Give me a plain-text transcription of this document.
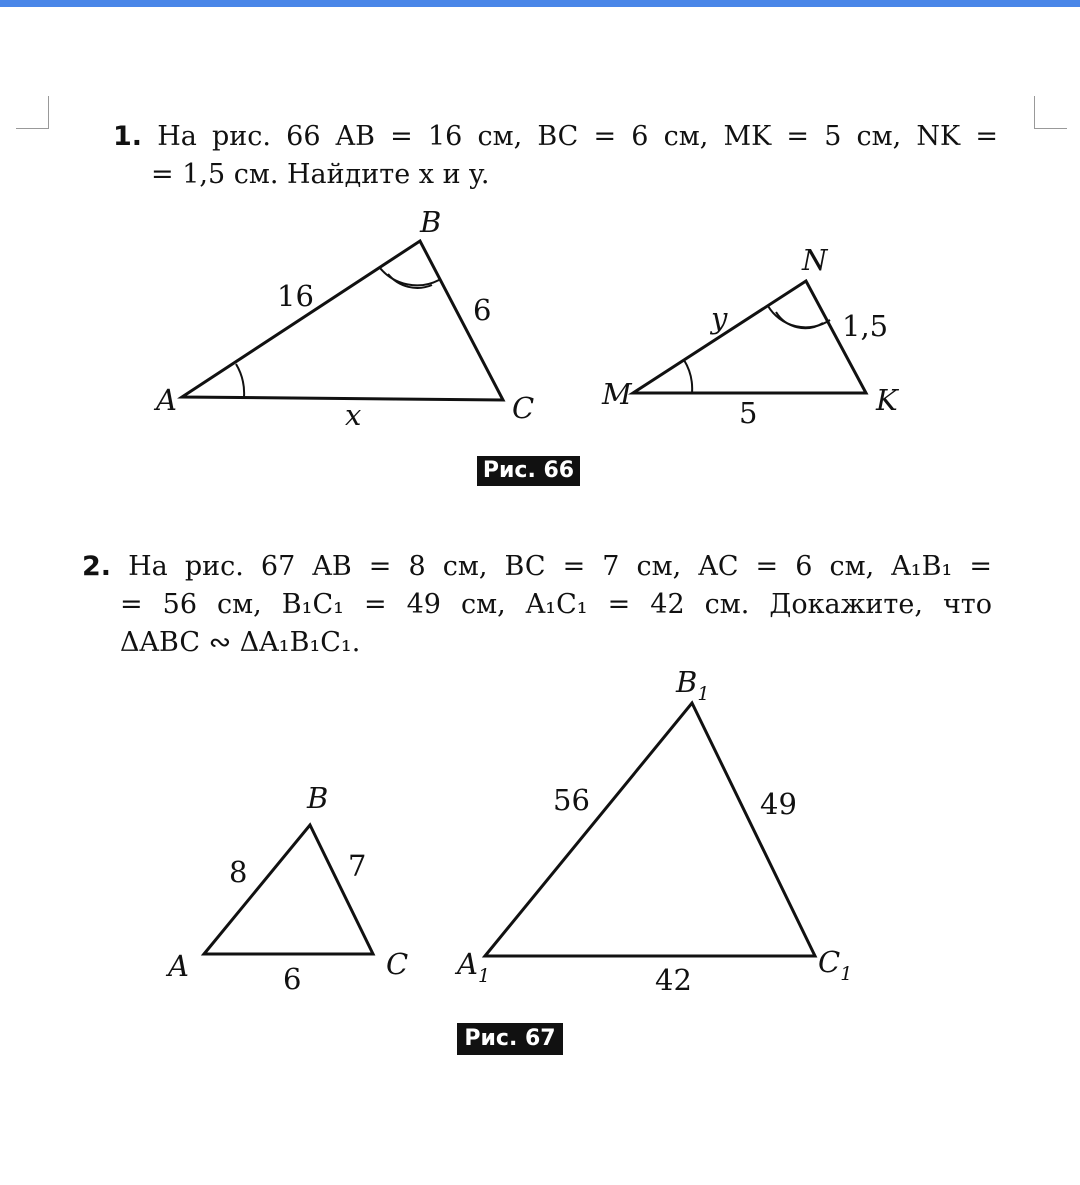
1. На рис. 66 AB = 16 см, BC = 6 см, MK = 5 см, NK =
= 1,5 см. Найдите x и y.
A
B
C
16	6
x
M
N
K
y	1,5
5
A
B
C
8	7
6	$A_1$
$B_1$
$C_1$
56	49
42
Рис. 66
2. На рис. 67 AB = 8 см, BC = 7 см, AC = 6 см, A₁B₁ =
= 56 см, B₁C₁ = 49 см, A₁C₁ = 42 см. Докажите, что
ΔABC ∾ ΔA₁B₁C₁.
Рис. 67
